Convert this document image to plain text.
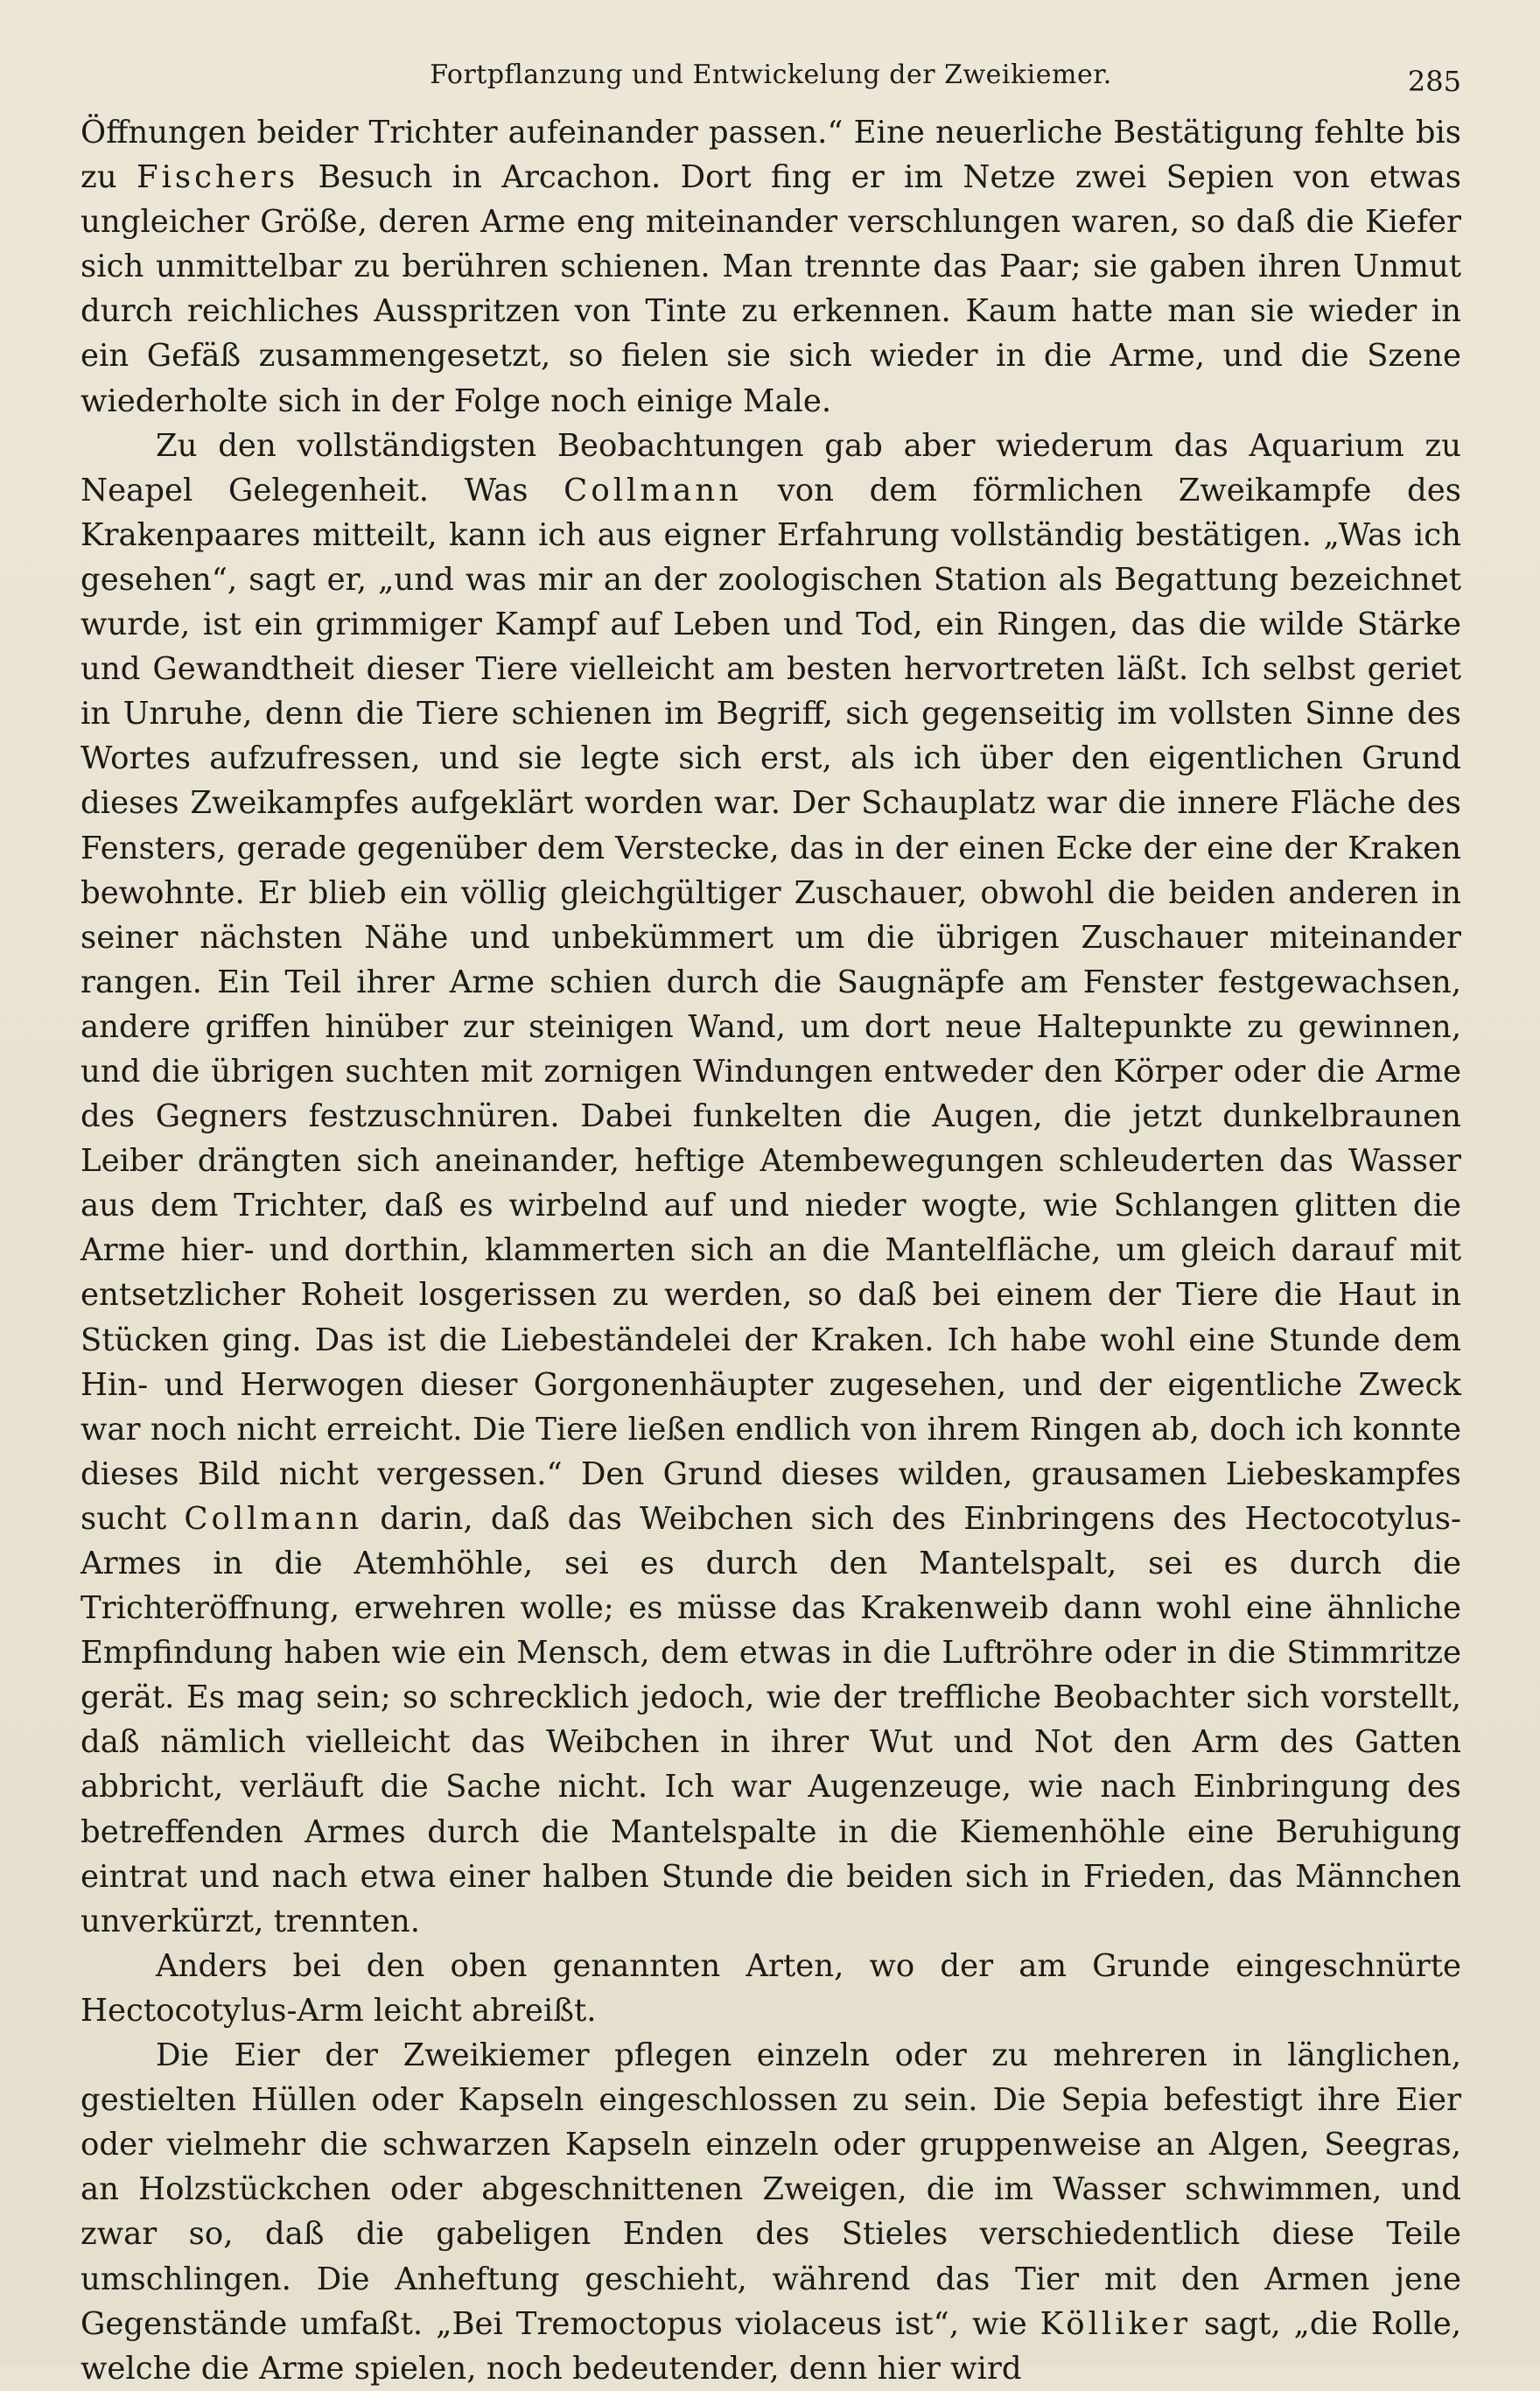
Fortpflanzung und Entwickelung der Zweikiemer.	285

Öffnungen beider Trichter aufeinander passen.“ Eine neuerliche Bestätigung fehlte bis zu Fischers Besuch in Arcachon. Dort fing er im Netze zwei Sepien von etwas ungleicher Größe, deren Arme eng miteinander verschlungen waren, so daß die Kiefer sich unmittelbar zu berühren schienen. Man trennte das Paar; sie gaben ihren Unmut durch reichliches Ausspritzen von Tinte zu erkennen. Kaum hatte man sie wieder in ein Gefäß zusammengesetzt, so fielen sie sich wieder in die Arme, und die Szene wiederholte sich in der Folge noch einige Male.

Zu den vollständigsten Beobachtungen gab aber wiederum das Aquarium zu Neapel Gelegenheit. Was Collmann von dem förmlichen Zweikampfe des Krakenpaares mitteilt, kann ich aus eigner Erfahrung vollständig bestätigen. „Was ich gesehen“, sagt er, „und was mir an der zoologischen Station als Begattung bezeichnet wurde, ist ein grimmiger Kampf auf Leben und Tod, ein Ringen, das die wilde Stärke und Gewandtheit dieser Tiere vielleicht am besten hervortreten läßt. Ich selbst geriet in Unruhe, denn die Tiere schienen im Begriff, sich gegenseitig im vollsten Sinne des Wortes aufzufressen, und sie legte sich erst, als ich über den eigentlichen Grund dieses Zweikampfes aufgeklärt worden war. Der Schauplatz war die innere Fläche des Fensters, gerade gegenüber dem Verstecke, das in der einen Ecke der eine der Kraken bewohnte. Er blieb ein völlig gleichgültiger Zuschauer, obwohl die beiden anderen in seiner nächsten Nähe und unbekümmert um die übrigen Zuschauer miteinander rangen. Ein Teil ihrer Arme schien durch die Saugnäpfe am Fenster festgewachsen, andere griffen hinüber zur steinigen Wand, um dort neue Haltepunkte zu gewinnen, und die übrigen suchten mit zornigen Windungen entweder den Körper oder die Arme des Gegners festzuschnüren. Dabei funkelten die Augen, die jetzt dunkelbraunen Leiber drängten sich aneinander, heftige Atembewegungen schleuderten das Wasser aus dem Trichter, daß es wirbelnd auf und nieder wogte, wie Schlangen glitten die Arme hier- und dorthin, klammerten sich an die Mantelfläche, um gleich darauf mit entsetzlicher Roheit losgerissen zu werden, so daß bei einem der Tiere die Haut in Stücken ging. Das ist die Liebeständelei der Kraken. Ich habe wohl eine Stunde dem Hin- und Herwogen dieser Gorgonenhäupter zugesehen, und der eigentliche Zweck war noch nicht erreicht. Die Tiere ließen endlich von ihrem Ringen ab, doch ich konnte dieses Bild nicht vergessen.“ Den Grund dieses wilden, grausamen Liebeskampfes sucht Collmann darin, daß das Weibchen sich des Einbringens des Hectocotylus-Armes in die Atemhöhle, sei es durch den Mantelspalt, sei es durch die Trichteröffnung, erwehren wolle; es müsse das Krakenweib dann wohl eine ähnliche Empfindung haben wie ein Mensch, dem etwas in die Luftröhre oder in die Stimmritze gerät. Es mag sein; so schrecklich jedoch, wie der treffliche Beobachter sich vorstellt, daß nämlich vielleicht das Weibchen in ihrer Wut und Not den Arm des Gatten abbricht, verläuft die Sache nicht. Ich war Augenzeuge, wie nach Einbringung des betreffenden Armes durch die Mantelspalte in die Kiemenhöhle eine Beruhigung eintrat und nach etwa einer halben Stunde die beiden sich in Frieden, das Männchen unverkürzt, trennten.

Anders bei den oben genannten Arten, wo der am Grunde eingeschnürte Hectocotylus-Arm leicht abreißt.

Die Eier der Zweikiemer pflegen einzeln oder zu mehreren in länglichen, gestielten Hüllen oder Kapseln eingeschlossen zu sein. Die Sepia befestigt ihre Eier oder vielmehr die schwarzen Kapseln einzeln oder gruppenweise an Algen, Seegras, an Holzstückchen oder abgeschnittenen Zweigen, die im Wasser schwimmen, und zwar so, daß die gabeligen Enden des Stieles verschiedentlich diese Teile umschlingen. Die Anheftung geschieht, während das Tier mit den Armen jene Gegenstände umfaßt. „Bei Tremoctopus violaceus ist“, wie Kölliker sagt, „die Rolle, welche die Arme spielen, noch bedeutender, denn hier wird
